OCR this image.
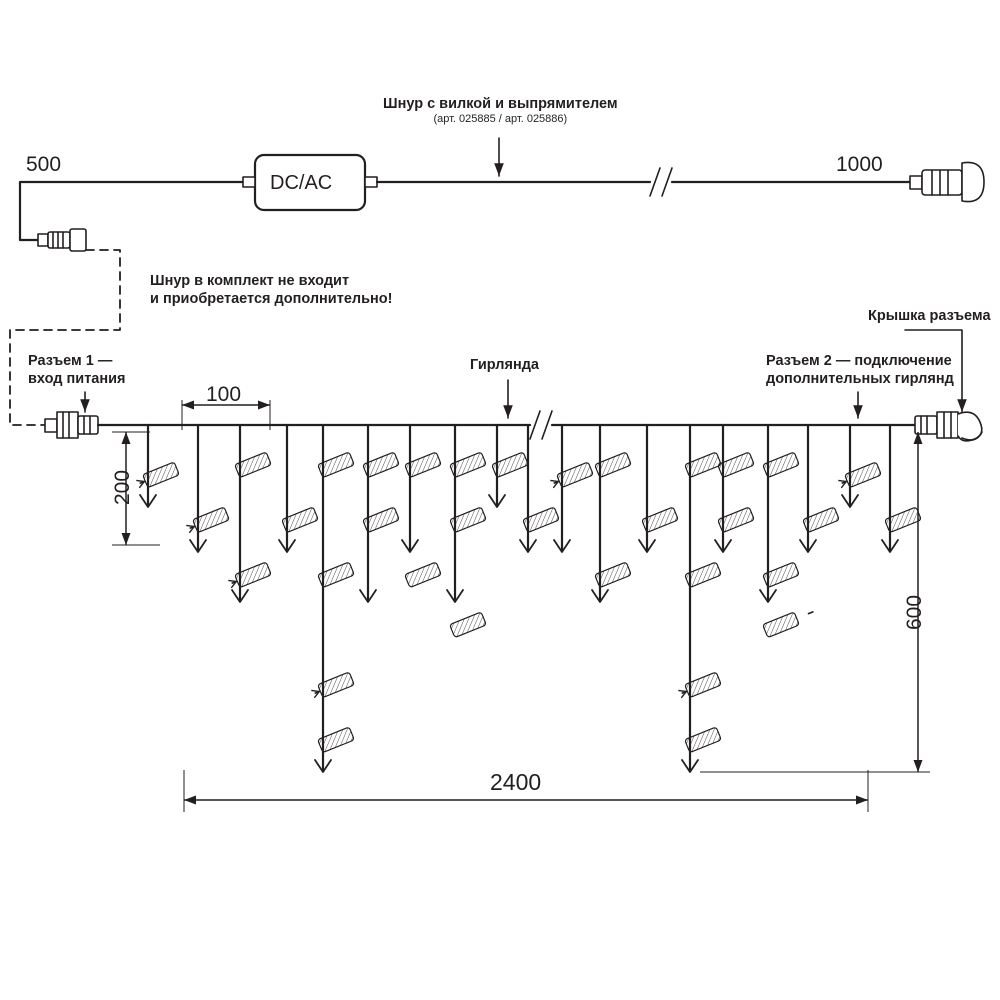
Шнур с вилкой и выпрямителем
(арт. 025885 / арт. 025886)
500	1000
DC/AC
Шнур в комплект не входит
и приобретается дополнительно!
Разъем 1 —
вход питания
Гирлянда	Разъем 2 — подключение
дополнительных гирлянд
Крышка разъема
100
200
600
2400
